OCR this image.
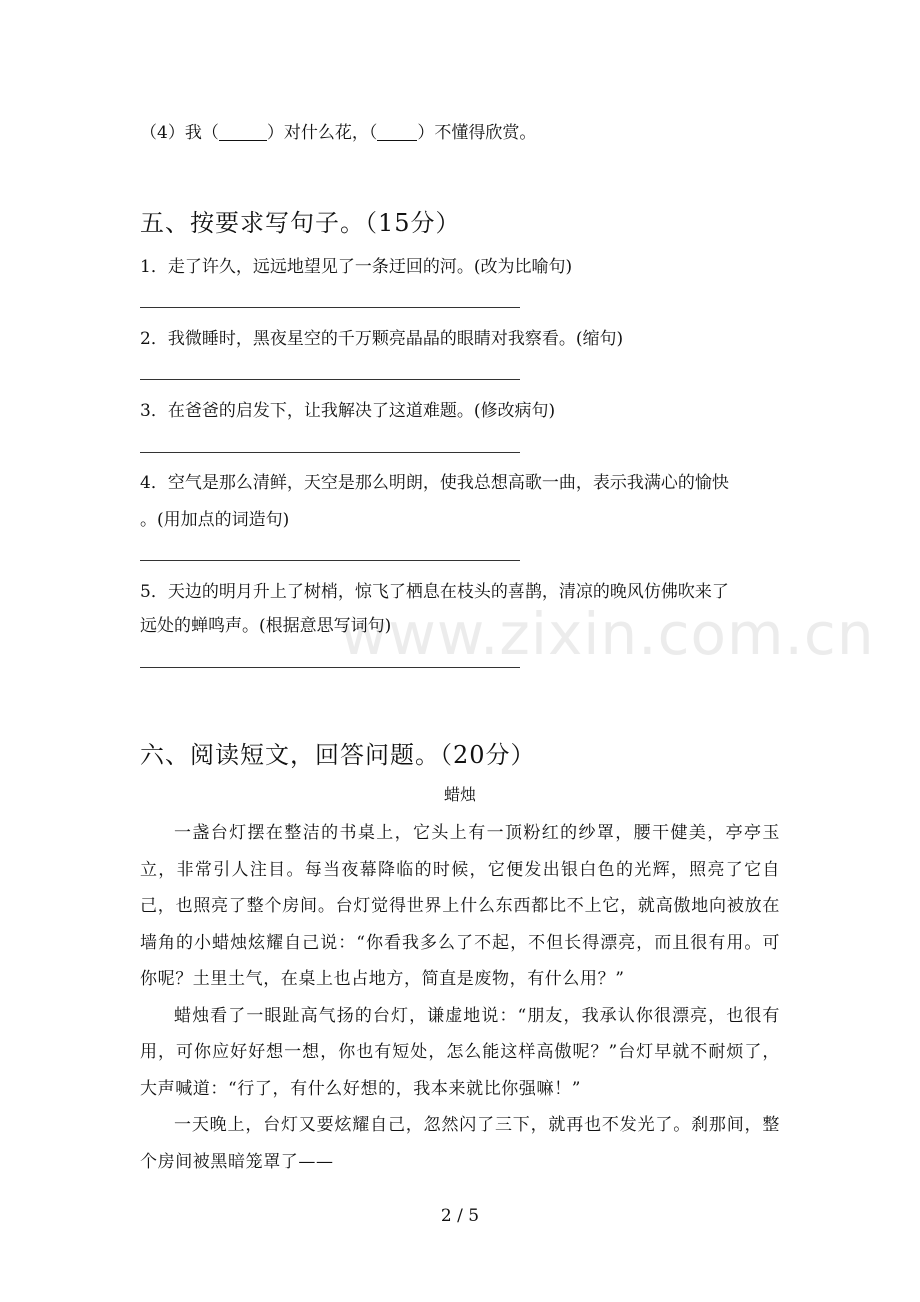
www.zixin.com.cn
（4）我（	）对什么花，（ ）不懂得欣赏。
五、按要求写句子。（15分）
1．走了许久，远远地望见了一条迂回的河。(改为比喻句)
2．我微睡时，黑夜星空的千万颗亮晶晶的眼睛对我察看。(缩句)
3．在爸爸的启发下，让我解决了这道难题。(修改病句)
4．空气是那么清鲜，天空是那么明朗，使我总想高歌一曲，表示我满心的愉快
。(用加点的词造句)
5．天边的明月升上了树梢，惊飞了栖息在枝头的喜鹊，清凉的晚风仿佛吹来了
远处的蝉鸣声。(根据意思写词句)
六、阅读短文，回答问题。（20分）
蜡烛

一盏台灯摆在整洁的书桌上，它头上有一顶粉红的纱罩，腰干健美，亭亭玉立，非常引人注目。每当夜幕降临的时候，它便发出银白色的光辉，照亮了它自己，也照亮了整个房间。台灯觉得世界上什么东西都比不上它，就高傲地向被放在墙角的小蜡烛炫耀自己说：“你看我多么了不起，不但长得漂亮，而且很有用。可你呢？土里土气，在桌上也占地方，简直是废物，有什么用？”

蜡烛看了一眼趾高气扬的台灯，谦虚地说：“朋友，我承认你很漂亮，也很有用，可你应好好想一想，你也有短处，怎么能这样高傲呢？”台灯早就不耐烦了，大声喊道：“行了，有什么好想的，我本来就比你强嘛！”

一天晚上，台灯又要炫耀自己，忽然闪了三下，就再也不发光了。刹那间，整个房间被黑暗笼罩了——

2 / 5
